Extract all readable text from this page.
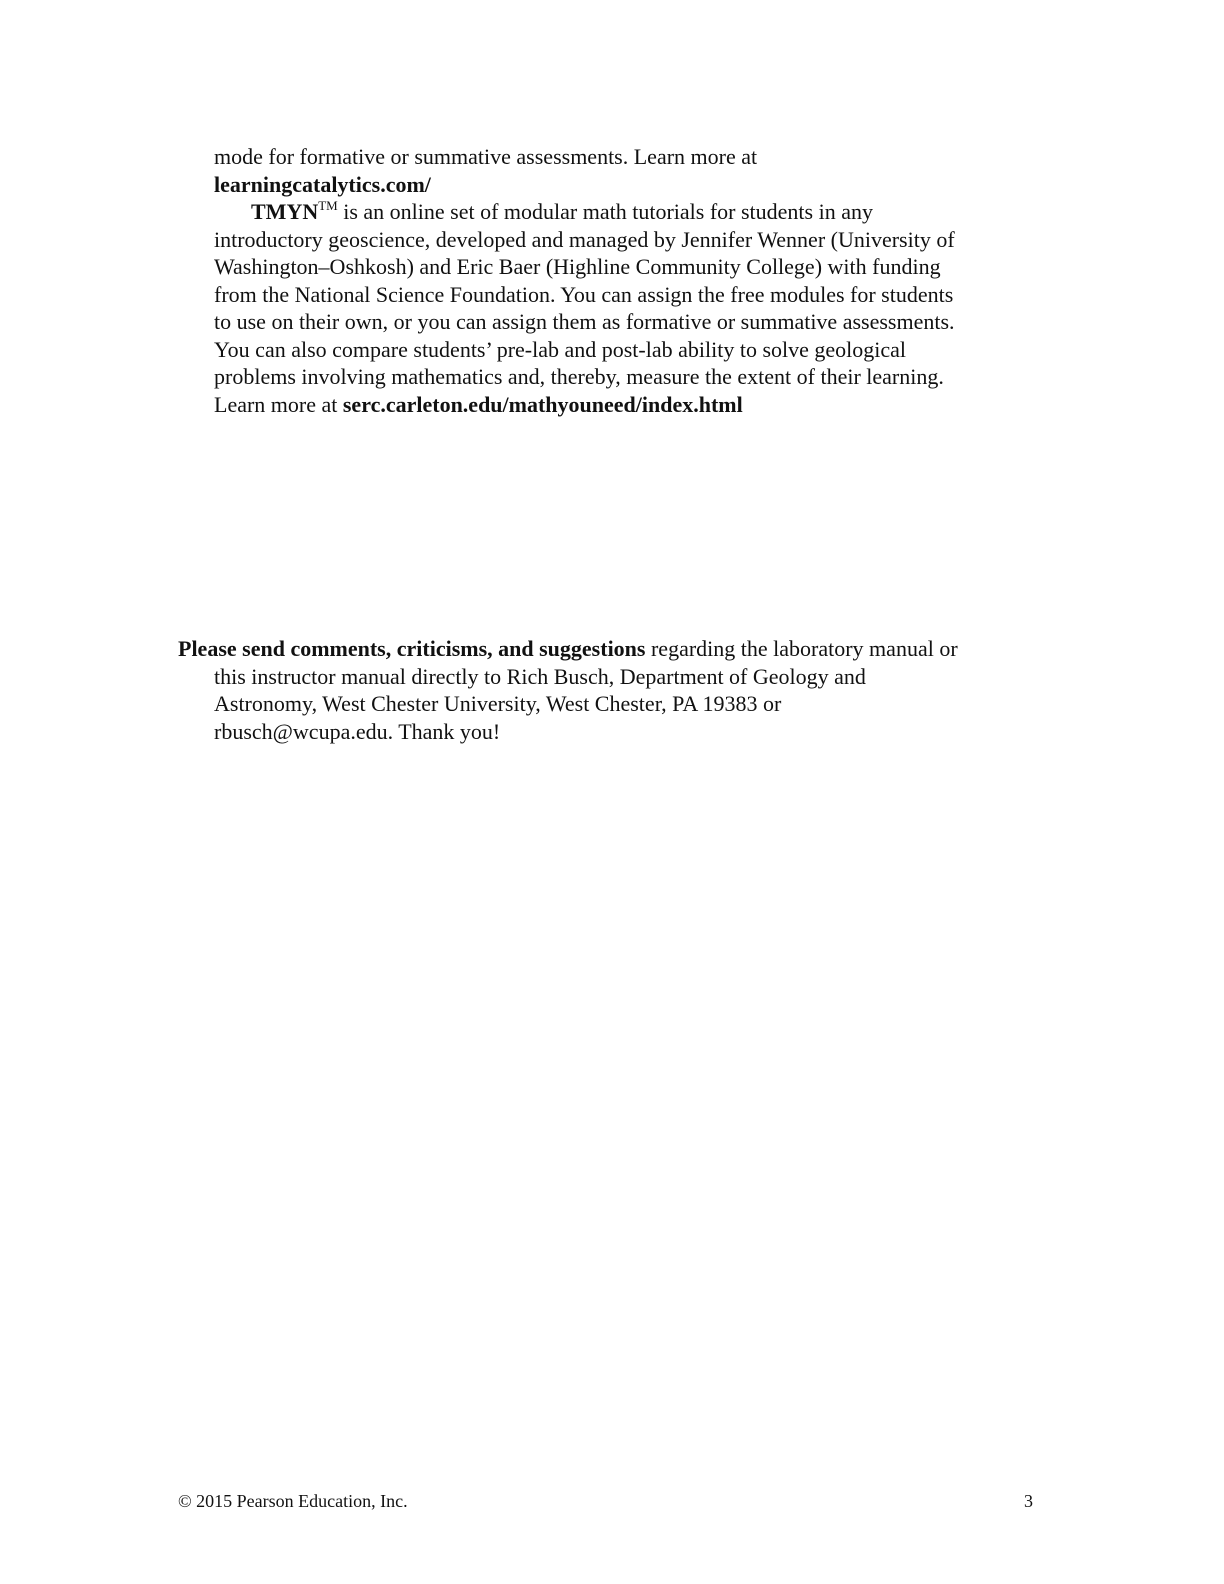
mode for formative or summative assessments. Learn more at
learningcatalytics.com/
TMYN™ is an online set of modular math tutorials for students in any
introductory geoscience, developed and managed by Jennifer Wenner (University of
Washington–Oshkosh) and Eric Baer (Highline Community College) with funding
from the National Science Foundation. You can assign the free modules for students
to use on their own, or you can assign them as formative or summative assessments.
You can also compare students’ pre-lab and post-lab ability to solve geological
problems involving mathematics and, thereby, measure the extent of their learning.
Learn more at serc.carleton.edu/mathyouneed/index.html
Please send comments, criticisms, and suggestions regarding the laboratory manual or
this instructor manual directly to Rich Busch, Department of Geology and
Astronomy, West Chester University, West Chester, PA 19383 or
rbusch@wcupa.edu. Thank you!
© 2015 Pearson Education, Inc.	3
